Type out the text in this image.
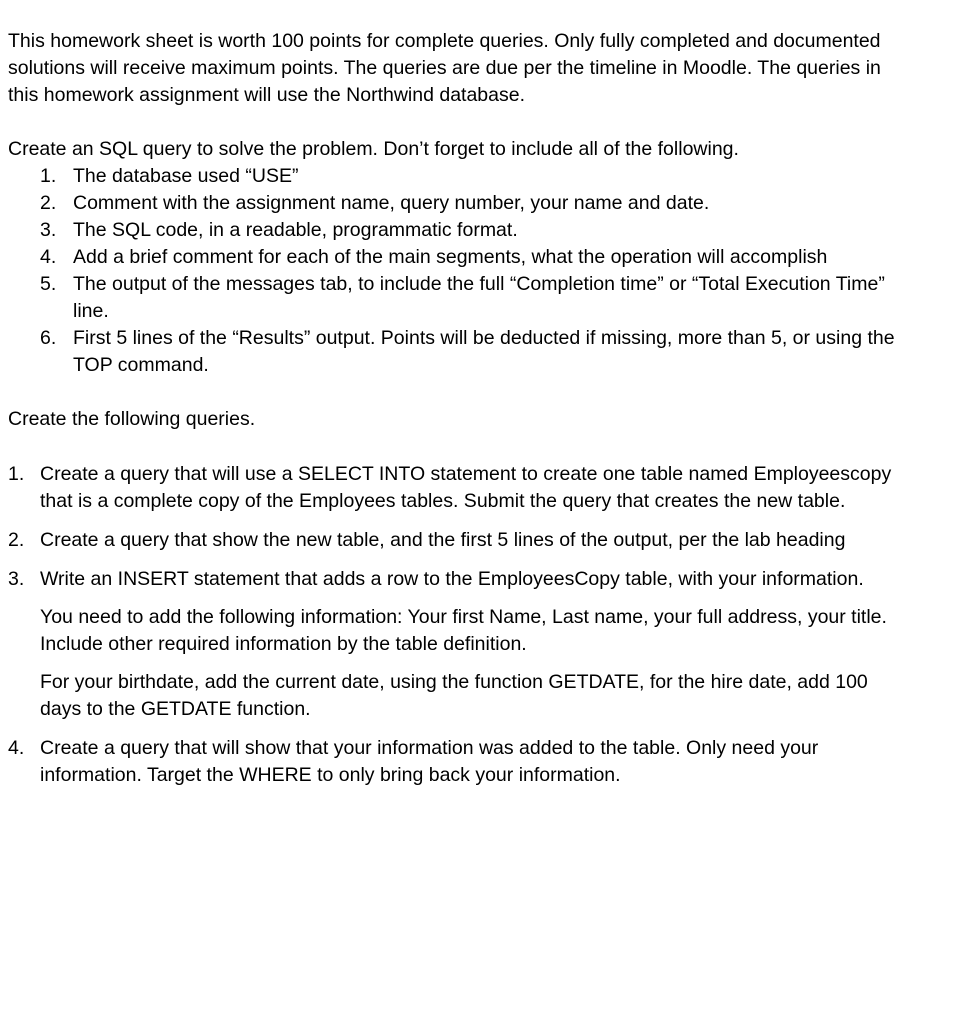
This homework sheet is worth 100 points for complete queries. Only fully completed and documented solutions will receive maximum points. The queries are due per the timeline in Moodle. The queries in this homework assignment will use the Northwind database.

Create an SQL query to solve the problem. Don’t forget to include all of the following.

1. The database used “USE”
2. Comment with the assignment name, query number, your name and date.
3. The SQL code, in a readable, programmatic format.
4. Add a brief comment for each of the main segments, what the operation will accomplish
5. The output of the messages tab, to include the full “Completion time” or “Total Execution Time” line.
6. First 5 lines of the “Results” output. Points will be deducted if missing, more than 5, or using the TOP command.

Create the following queries.

1. Create a query that will use a SELECT INTO statement to create one table named Employeescopy that is a complete copy of the Employees tables. Submit the query that creates the new table.
2. Create a query that show the new table, and the first 5 lines of the output, per the lab heading
3. Write an INSERT statement that adds a row to the EmployeesCopy table, with your information.

You need to add the following information: Your first Name, Last name, your full address, your title. Include other required information by the table definition.

For your birthdate, add the current date, using the function GETDATE, for the hire date, add 100 days to the GETDATE function.

4. Create a query that will show that your information was added to the table. Only need your information. Target the WHERE to only bring back your information.
